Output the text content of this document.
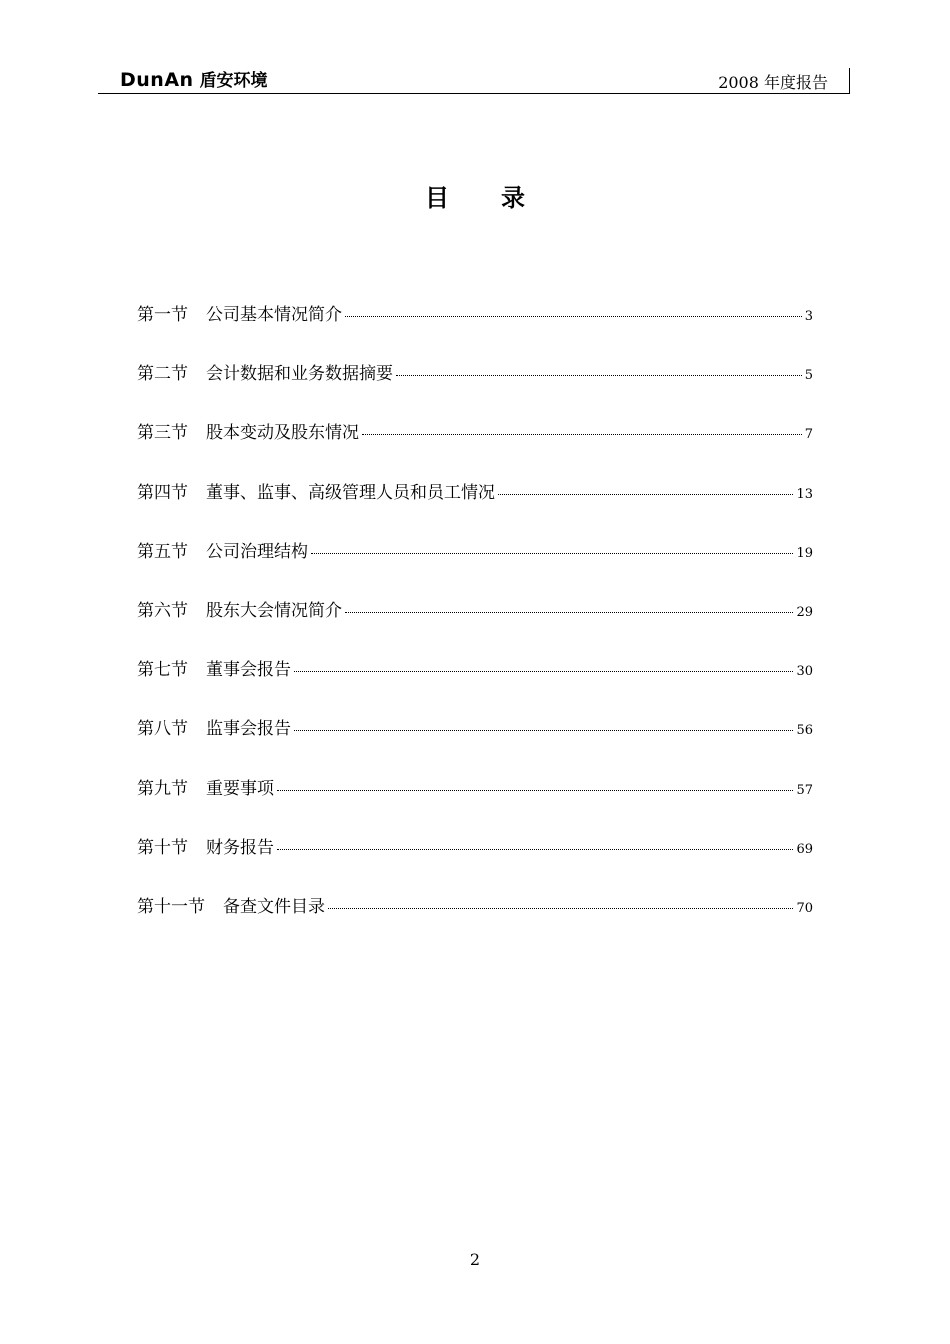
DunAn 盾安环境	2008 年度报告
目 录
第一节 公司基本情况简介	3
第二节 会计数据和业务数据摘要	5
第三节 股本变动及股东情况	7
第四节 董事、监事、高级管理人员和员工情况	13
第五节 公司治理结构	19
第六节 股东大会情况简介	29
第七节 董事会报告	30
第八节 监事会报告	56
第九节 重要事项	57
第十节 财务报告	69
第十一节 备查文件目录	70
2
